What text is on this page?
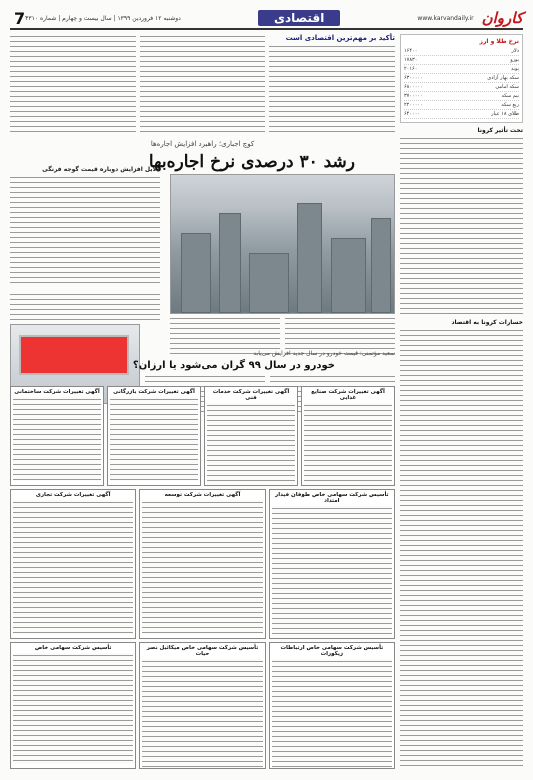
کاروان
www.karvandaily.ir
اقتصادی
دوشنبه ۱۲ فروردین ۱۳۹۹ | سال بیست و چهارم | شماره ۴۳۱۰
7
نرخ طلا و ارز
دلار
۱۶۴۰۰
یورو
۱۷۸۳۰
پوند
۲۰۱۶۰
سکه بهار آزادی
۶۳۰۰۰۰۰
سکه امامی
۶۸۰۰۰۰۰
نیم سکه
۳۷۰۰۰۰۰
ربع سکه
۲۲۰۰۰۰۰
طلای ۱۸ عیار
۶۴۰۰۰۰
تحت تأثیر کرونا
خسارات کرونا به اقتصاد
تأکید بر مهم‌ترین اقتصادی است
کوچ اجباری؛ راهبرد افزایش اجاره‌ها
رشد ۳۰ درصدی نرخ اجاره‌بها
دلایل افزایش دوباره قیمت گوجه فرنگی
سعید مؤتمنی: قیمت خودرو در سال جدید افزایش می‌یابد
خودرو در سال ۹۹ گران می‌شود یا ارزان؟
آگهی تغییرات شرکت صنایع غذایی
آگهی تغییرات شرکت خدمات فنی
آگهی تغییرات شرکت بازرگانی
آگهی تغییرات شرکت ساختمانی
تأسیس شرکت سهامی خاص طوفان فیدار امتداد
آگهی تغییرات شرکت توسعه
آگهی تغییرات شرکت تجاری
تأسیس شرکت سهامی خاص ارتباطات زیکورات
تأسیس شرکت سهامی خاص میکائیل نصر حیات
تأسیس شرکت سهامی خاص
